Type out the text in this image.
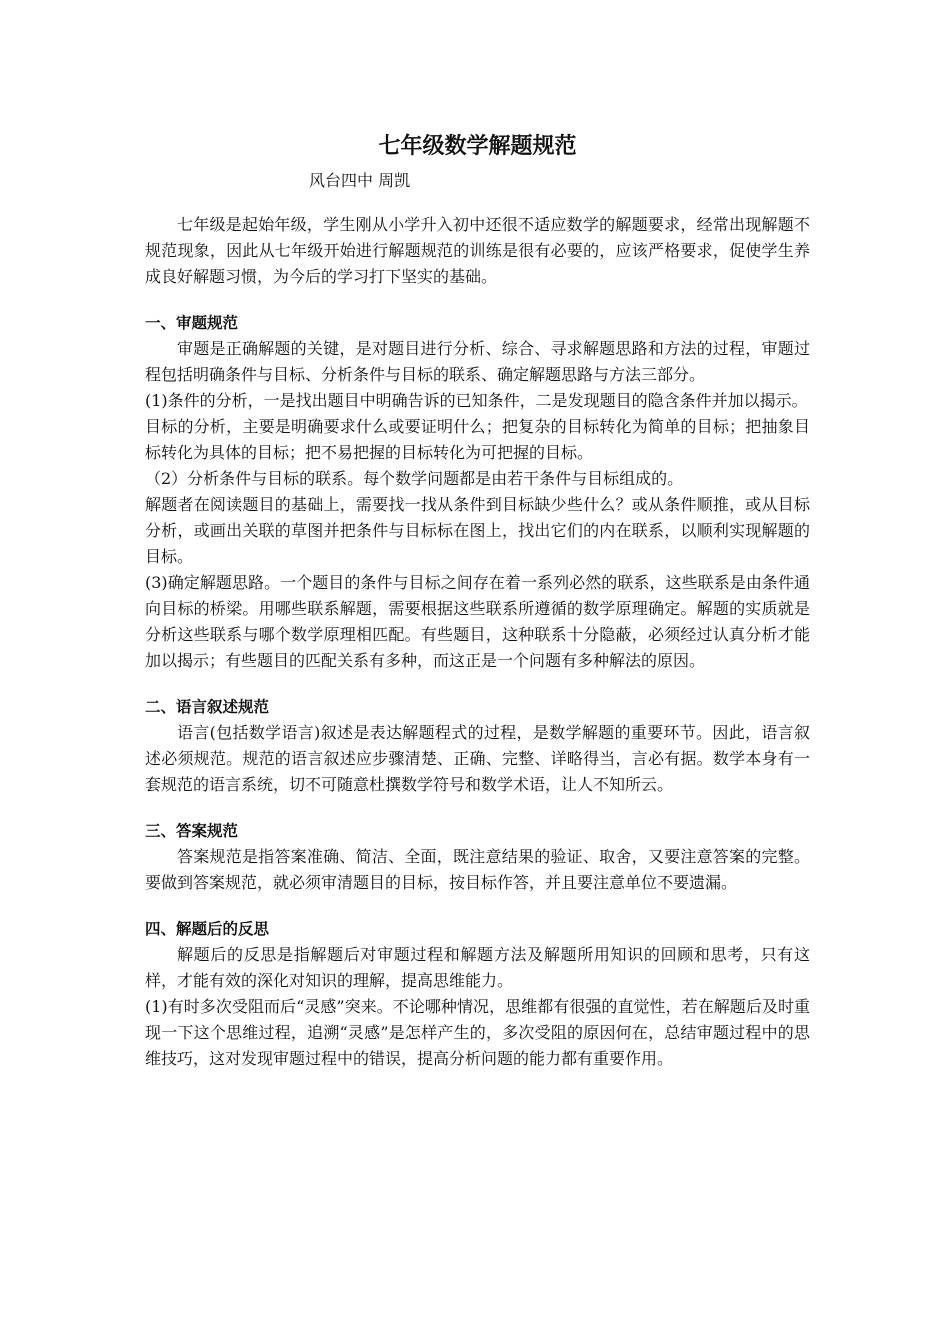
七年级数学解题规范

风台四中 周凯

七年级是起始年级，学生刚从小学升入初中还很不适应数学的解题要求，经常出现解题不规范现象，因此从七年级开始进行解题规范的训练是很有必要的，应该严格要求，促使学生养成良好解题习惯，为今后的学习打下坚实的基础。

一、审题规范

审题是正确解题的关键，是对题目进行分析、综合、寻求解题思路和方法的过程，审题过程包括明确条件与目标、分析条件与目标的联系、确定解题思路与方法三部分。

(1)条件的分析，一是找出题目中明确告诉的已知条件，二是发现题目的隐含条件并加以揭示。

目标的分析，主要是明确要求什么或要证明什么；把复杂的目标转化为简单的目标；把抽象目标转化为具体的目标；把不易把握的目标转化为可把握的目标。

（2）分析条件与目标的联系。每个数学问题都是由若干条件与目标组成的。

解题者在阅读题目的基础上，需要找一找从条件到目标缺少些什么？或从条件顺推，或从目标分析，或画出关联的草图并把条件与目标标在图上，找出它们的内在联系，以顺利实现解题的目标。

(3)确定解题思路。一个题目的条件与目标之间存在着一系列必然的联系，这些联系是由条件通向目标的桥梁。用哪些联系解题，需要根据这些联系所遵循的数学原理确定。解题的实质就是分析这些联系与哪个数学原理相匹配。有些题目，这种联系十分隐蔽，必须经过认真分析才能加以揭示；有些题目的匹配关系有多种，而这正是一个问题有多种解法的原因。

二、语言叙述规范

语言(包括数学语言)叙述是表达解题程式的过程，是数学解题的重要环节。因此，语言叙述必须规范。规范的语言叙述应步骤清楚、正确、完整、详略得当，言必有据。数学本身有一套规范的语言系统，切不可随意杜撰数学符号和数学术语，让人不知所云。

三、答案规范

答案规范是指答案准确、简洁、全面，既注意结果的验证、取舍，又要注意答案的完整。要做到答案规范，就必须审清题目的目标，按目标作答，并且要注意单位不要遗漏。

四、解题后的反思

解题后的反思是指解题后对审题过程和解题方法及解题所用知识的回顾和思考，只有这样，才能有效的深化对知识的理解，提高思维能力。

(1)有时多次受阻而后“灵感”突来。不论哪种情况，思维都有很强的直觉性，若在解题后及时重现一下这个思维过程，追溯“灵感”是怎样产生的，多次受阻的原因何在，总结审题过程中的思维技巧，这对发现审题过程中的错误，提高分析问题的能力都有重要作用。
